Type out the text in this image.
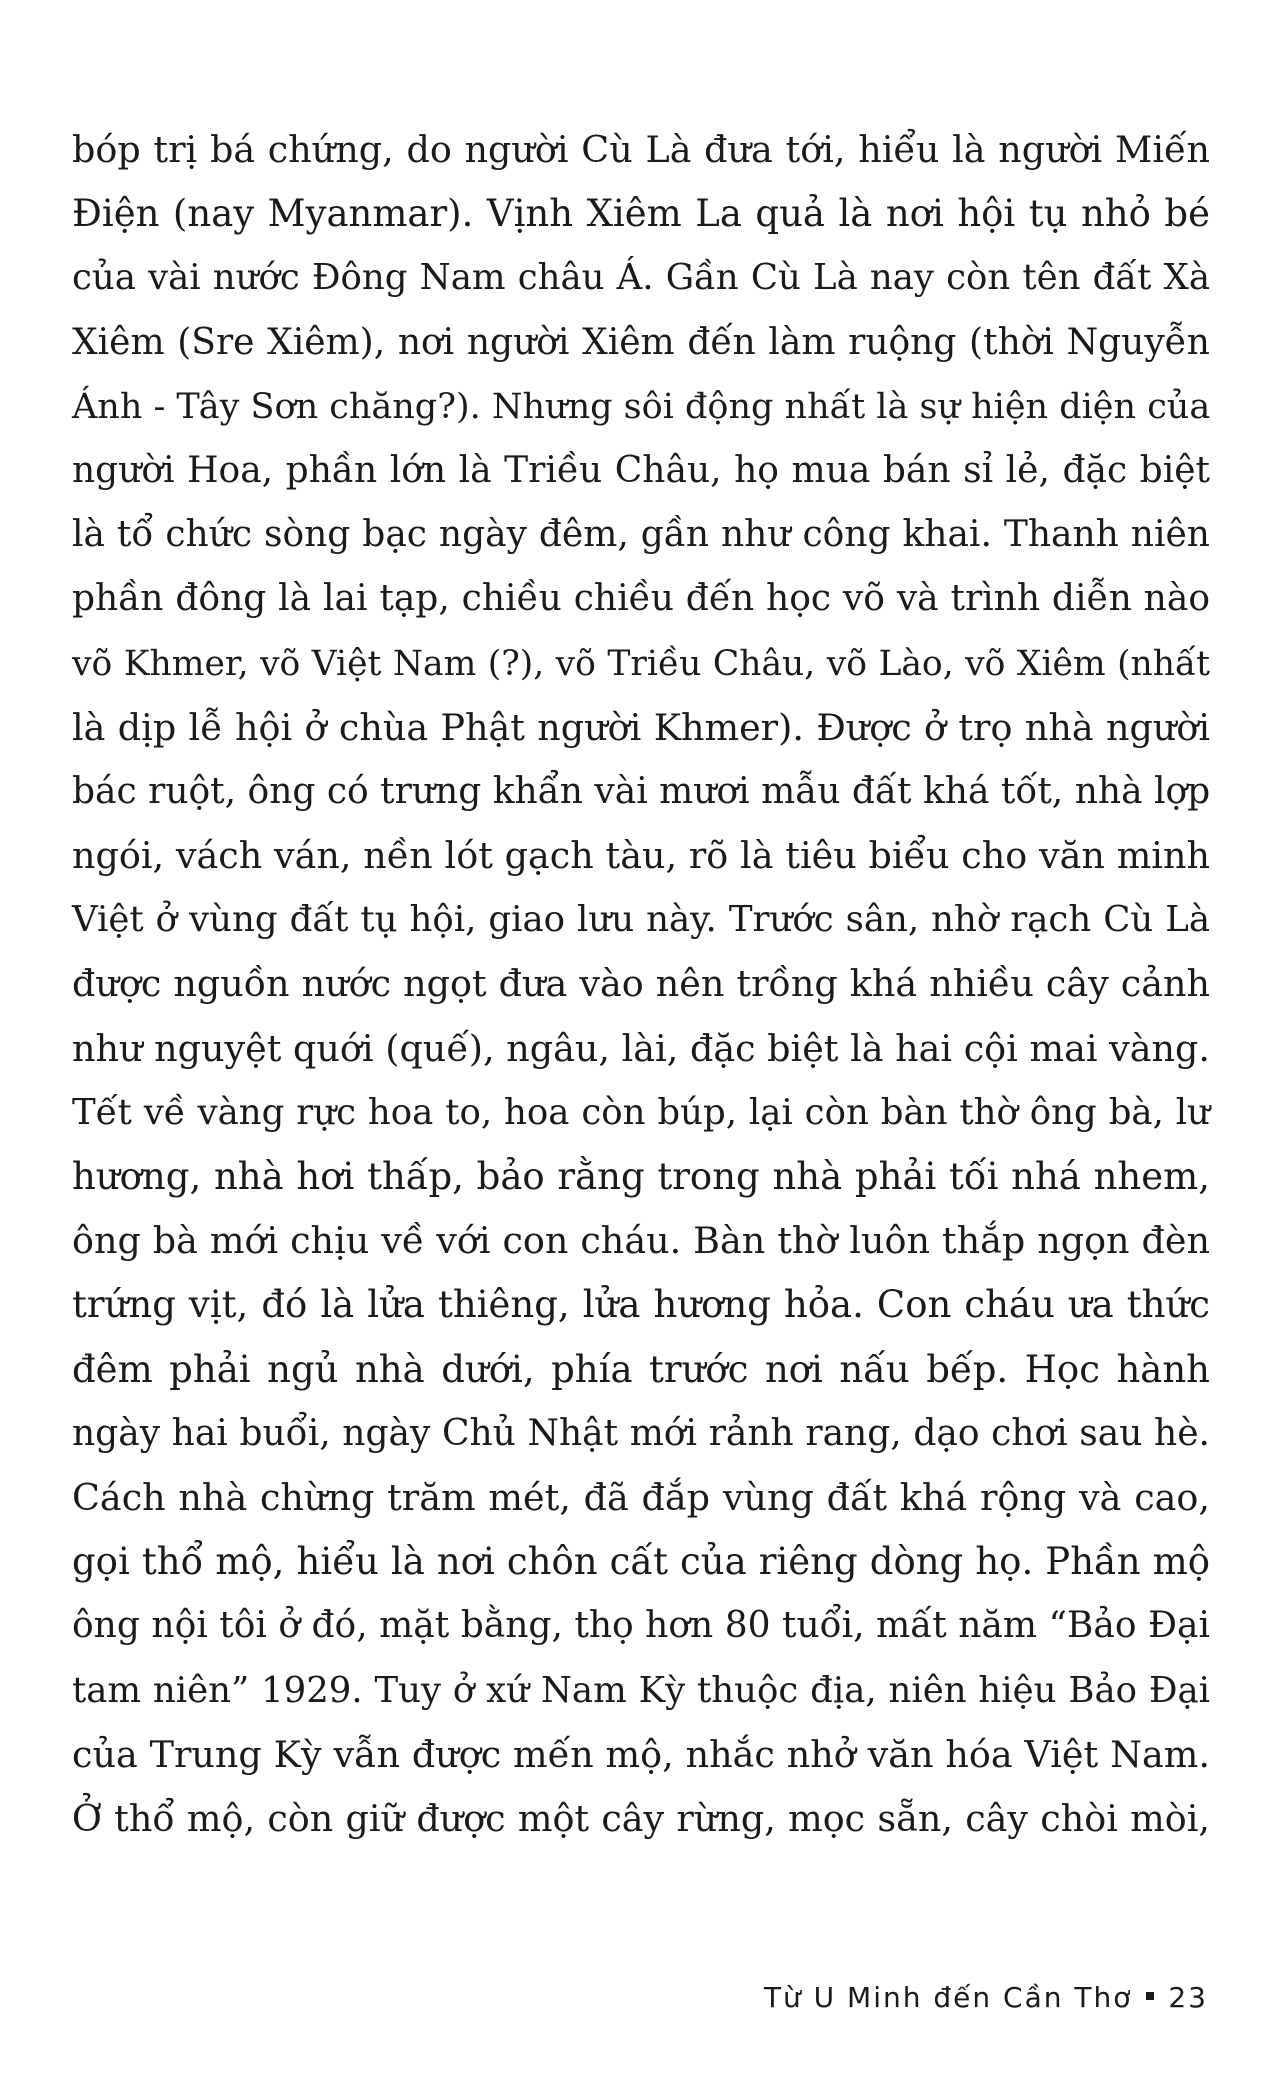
bóp trị bá chứng, do người Cù Là đưa tới, hiểu là người Miến
Điện (nay Myanmar). Vịnh Xiêm La quả là nơi hội tụ nhỏ bé
của vài nước Đông Nam châu Á. Gần Cù Là nay còn tên đất Xà
Xiêm (Sre Xiêm), nơi người Xiêm đến làm ruộng (thời Nguyễn
Ánh - Tây Sơn chăng?). Nhưng sôi động nhất là sự hiện diện của
người Hoa, phần lớn là Triều Châu, họ mua bán sỉ lẻ, đặc biệt
là tổ chức sòng bạc ngày đêm, gần như công khai. Thanh niên
phần đông là lai tạp, chiều chiều đến học võ và trình diễn nào
võ Khmer, võ Việt Nam (?), võ Triều Châu, võ Lào, võ Xiêm (nhất
là dịp lễ hội ở chùa Phật người Khmer). Được ở trọ nhà người
bác ruột, ông có trưng khẩn vài mươi mẫu đất khá tốt, nhà lợp
ngói, vách ván, nền lót gạch tàu, rõ là tiêu biểu cho văn minh
Việt ở vùng đất tụ hội, giao lưu này. Trước sân, nhờ rạch Cù Là
được nguồn nước ngọt đưa vào nên trồng khá nhiều cây cảnh
như nguyệt quới (quế), ngâu, lài, đặc biệt là hai cội mai vàng.
Tết về vàng rực hoa to, hoa còn búp, lại còn bàn thờ ông bà, lư
hương, nhà hơi thấp, bảo rằng trong nhà phải tối nhá nhem,
ông bà mới chịu về với con cháu. Bàn thờ luôn thắp ngọn đèn
trứng vịt, đó là lửa thiêng, lửa hương hỏa. Con cháu ưa thức
đêm phải ngủ nhà dưới, phía trước nơi nấu bếp. Học hành
ngày hai buổi, ngày Chủ Nhật mới rảnh rang, dạo chơi sau hè.
Cách nhà chừng trăm mét, đã đắp vùng đất khá rộng và cao,
gọi thổ mộ, hiểu là nơi chôn cất của riêng dòng họ. Phần mộ
ông nội tôi ở đó, mặt bằng, thọ hơn 80 tuổi, mất năm “Bảo Đại
tam niên” 1929. Tuy ở xứ Nam Kỳ thuộc địa, niên hiệu Bảo Đại
của Trung Kỳ vẫn được mến mộ, nhắc nhở văn hóa Việt Nam.
Ở thổ mộ, còn giữ được một cây rừng, mọc sẵn, cây chòi mòi,
Từ U Minh đến Cần Thơ 23
